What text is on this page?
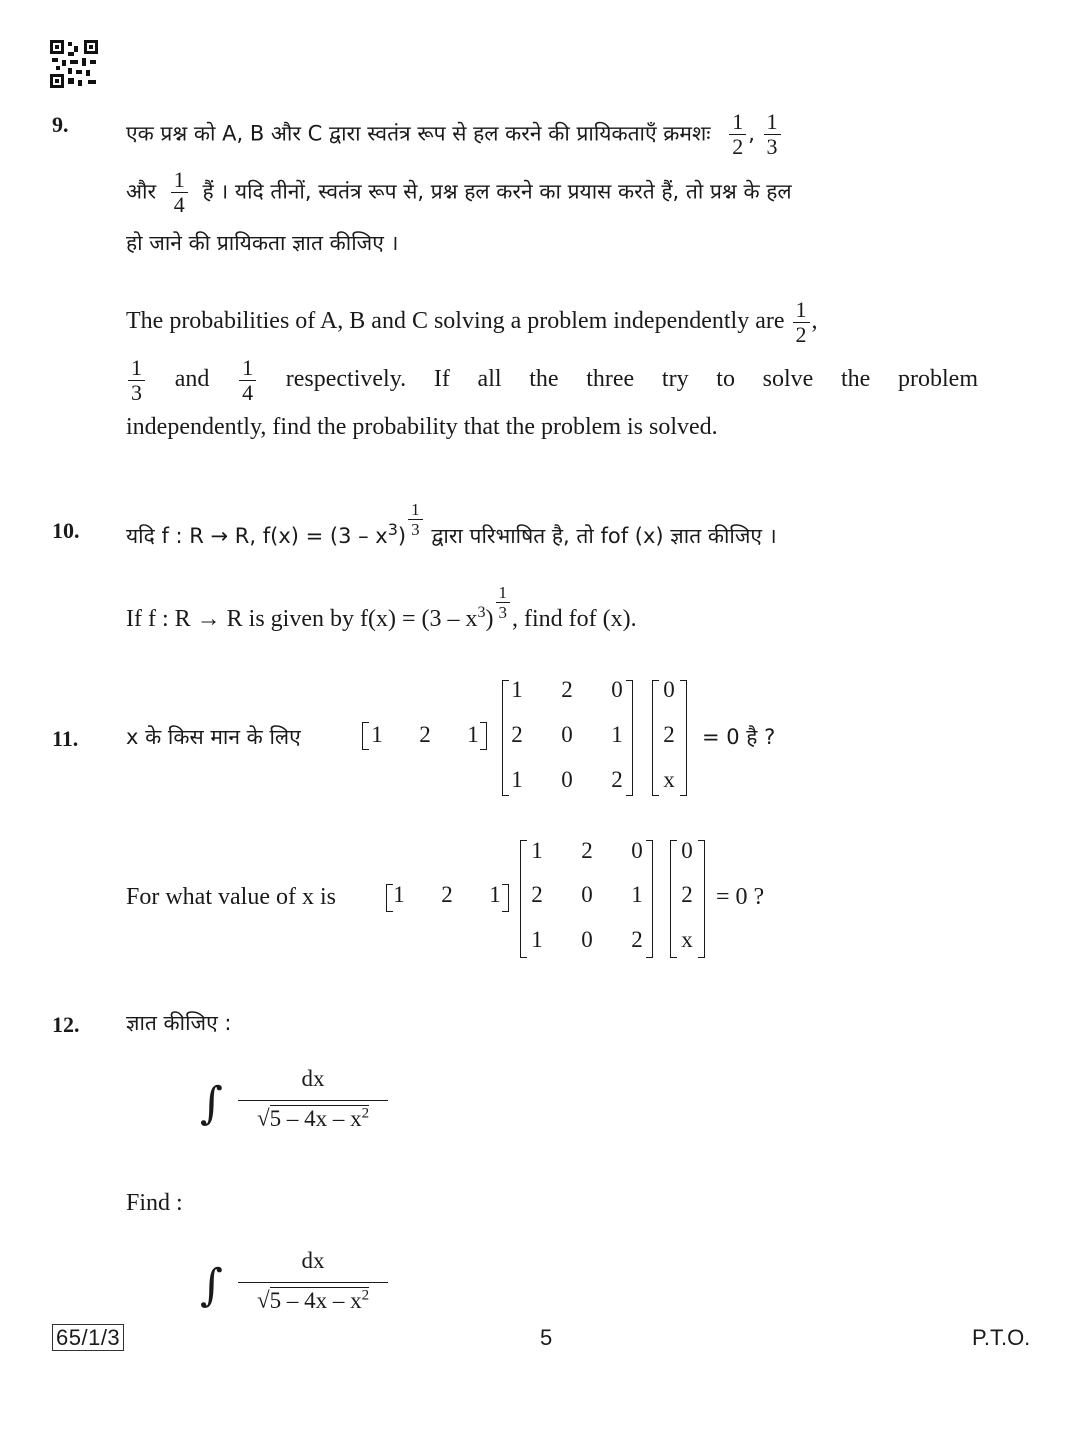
9.	एक प्रश्न को A, B और C द्वारा स्वतंत्र रूप से हल करने की प्रायिकताएँ क्रमशः $\frac{1}{2}$ , $\frac{1}{3}$
और $\frac{1}{4}$ हैं । यदि तीनों, स्वतंत्र रूप से, प्रश्न हल करने का प्रयास करते हैं, तो प्रश्न के हल
हो जाने की प्रायिकता ज्ञात कीजिए ।
The probabilities of A, B and C solving a problem independently are $\frac{1}{2}$ ,
$\frac{1}{3}$ and $\frac{1}{4}$ respectively. If all the three try to solve the problem
independently, find the probability that the problem is solved.
10. यदि f : R → R, $f(x) = (3 - x^3) \frac{1}{3}$ द्वारा परिभाषित है, तो fof (x) ज्ञात कीजिए ।
If f : R → R is given by $f(x) = (3 - x^3) \frac{1}{3}$ , find fof (x).
11. x के किस मान के लिए	1	2	1
1	2	0
2	0	1
1	0	2
0
2
x
= 0 है ?
For what value of x is	1	2	1
1	2	0
2	0	1
1	0	2
0
2
x
= 0 ?
12. ज्ञात कीजिए :
∫ $\frac{dx}{√5 - 4x - x^2}$
Find :
∫ $\frac{dx}{√5 - 4x - x^2}$
65/1/3	5	P.T.O.
